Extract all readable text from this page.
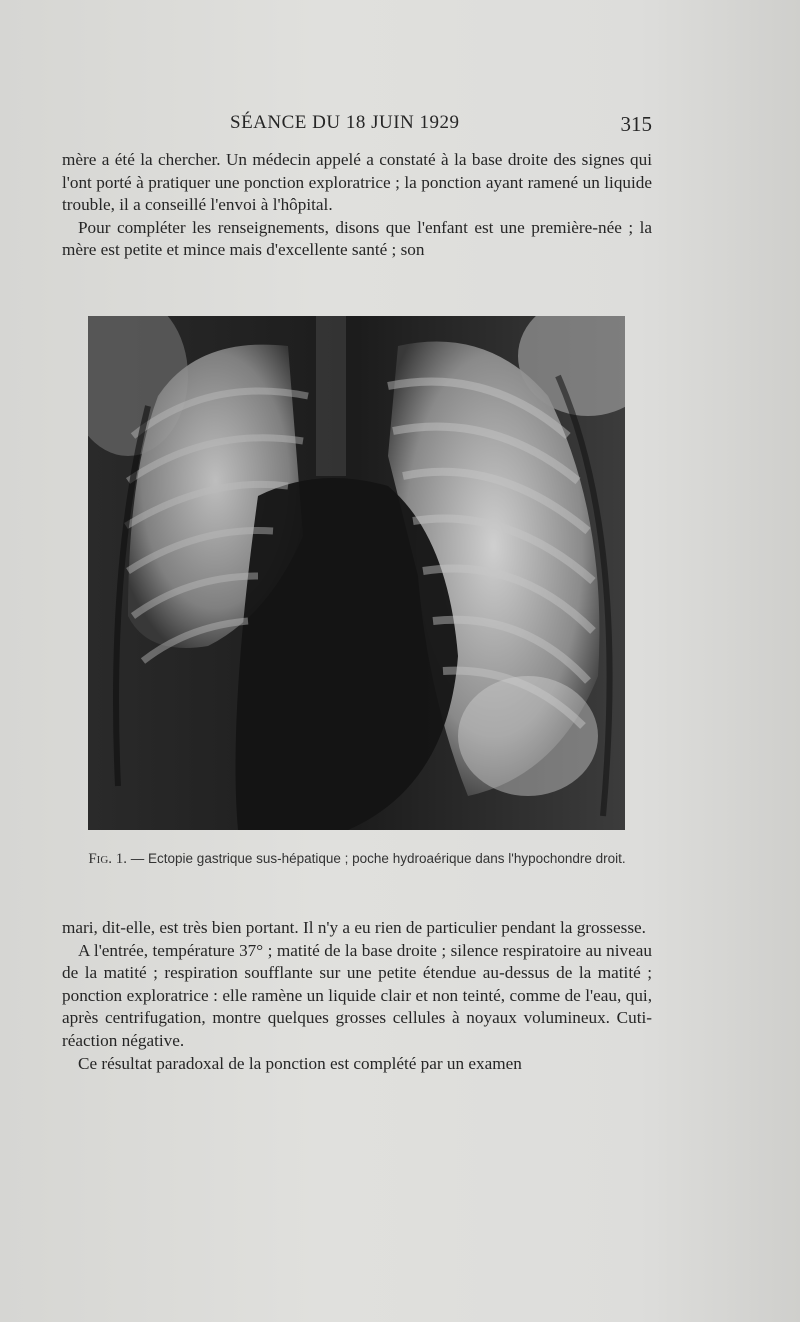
SÉANCE DU 18 JUIN 1929	315

mère a été la chercher. Un médecin appelé a constaté à la base droite des signes qui l'ont porté à pratiquer une ponction exploratrice ; la ponction ayant ramené un liquide trouble, il a conseillé l'envoi à l'hôpital.

Pour compléter les renseignements, disons que l'enfant est une première-née ; la mère est petite et mince mais d'excellente santé ; son

Fig. 1. — Ectopie gastrique sus-hépatique ; poche hydroaérique dans l'hypochondre droit.

mari, dit-elle, est très bien portant. Il n'y a eu rien de particulier pendant la grossesse.

A l'entrée, température 37° ; matité de la base droite ; silence respiratoire au niveau de la matité ; respiration soufflante sur une petite étendue au-dessus de la matité ; ponction exploratrice : elle ramène un liquide clair et non teinté, comme de l'eau, qui, après centrifugation, montre quelques grosses cellules à noyaux volumineux. Cuti-réaction négative.

Ce résultat paradoxal de la ponction est complété par un examen
